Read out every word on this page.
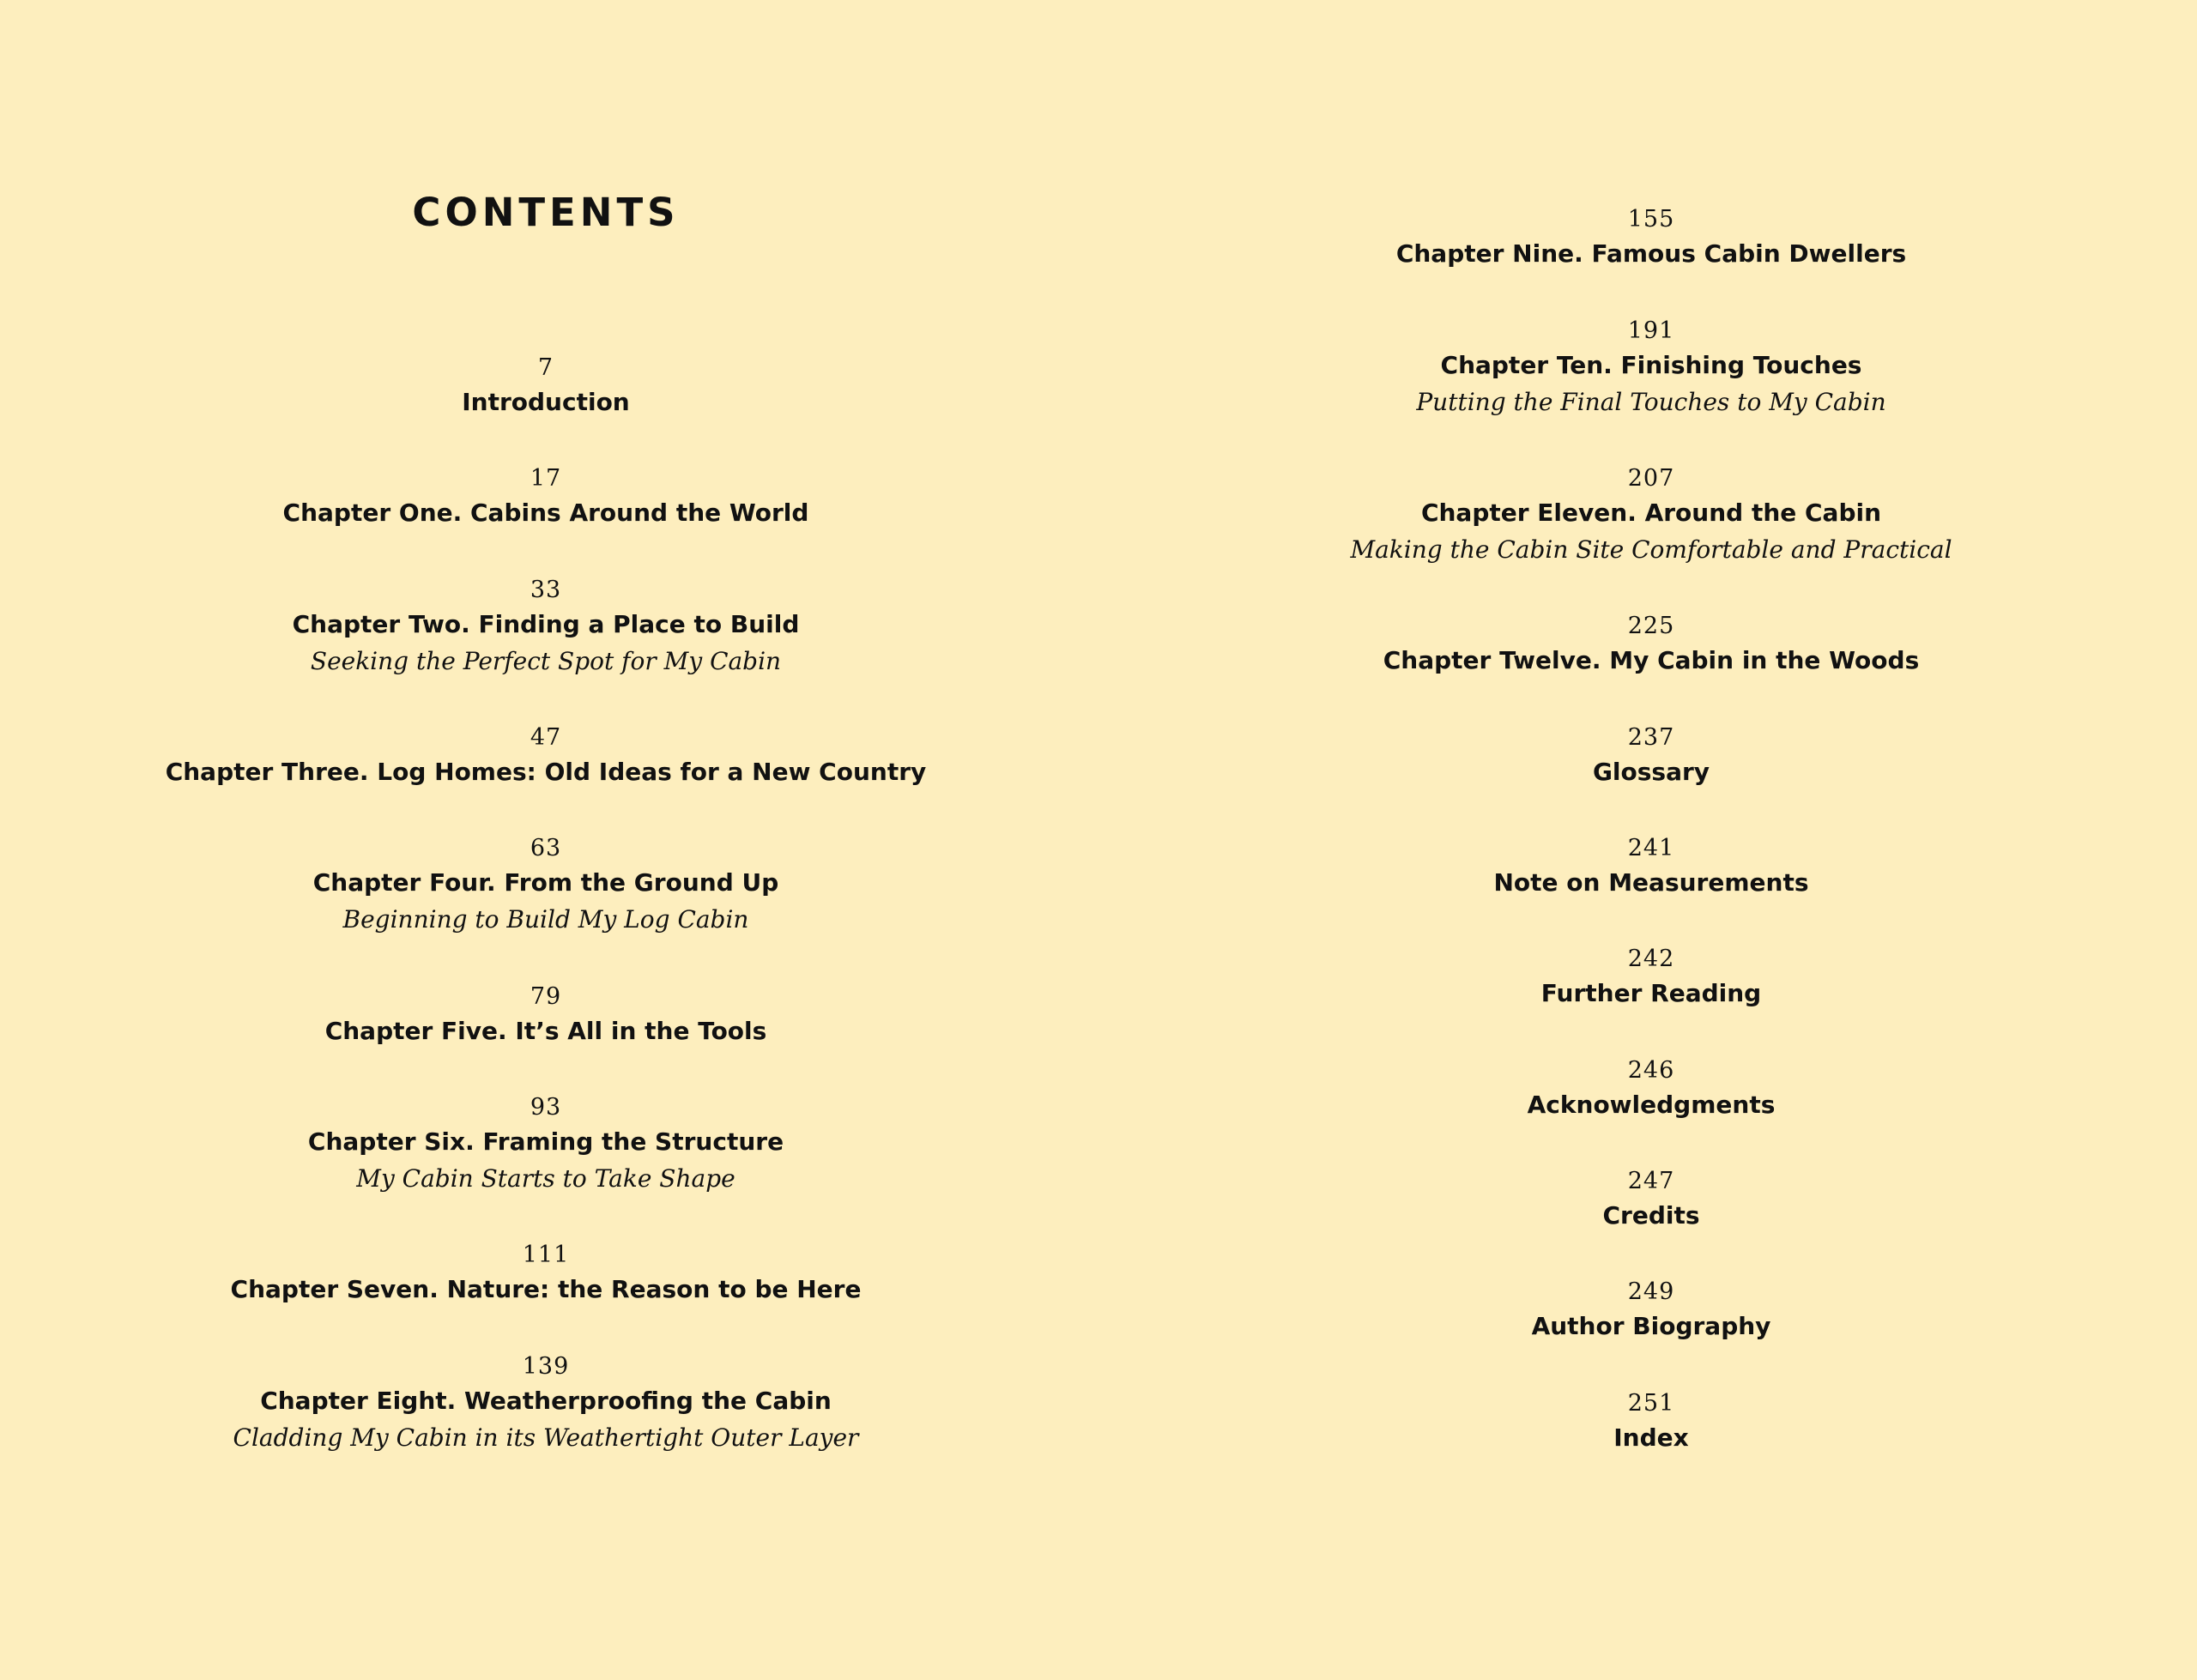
CONTENTS
7
Introduction
17
Chapter One. Cabins Around the World
33
Chapter Two. Finding a Place to Build
Seeking the Perfect Spot for My Cabin
47
Chapter Three. Log Homes: Old Ideas for a New Country
63
Chapter Four. From the Ground Up
Beginning to Build My Log Cabin
79
Chapter Five. It’s All in the Tools
93
Chapter Six. Framing the Structure
My Cabin Starts to Take Shape
111
Chapter Seven. Nature: the Reason to be Here
139
Chapter Eight. Weatherproofing the Cabin
Cladding My Cabin in its Weathertight Outer Layer
155
Chapter Nine. Famous Cabin Dwellers
191
Chapter Ten. Finishing Touches
Putting the Final Touches to My Cabin
207
Chapter Eleven. Around the Cabin
Making the Cabin Site Comfortable and Practical
225
Chapter Twelve. My Cabin in the Woods
237
Glossary
241
Note on Measurements
242
Further Reading
246
Acknowledgments
247
Credits
249
Author Biography
251
Index
